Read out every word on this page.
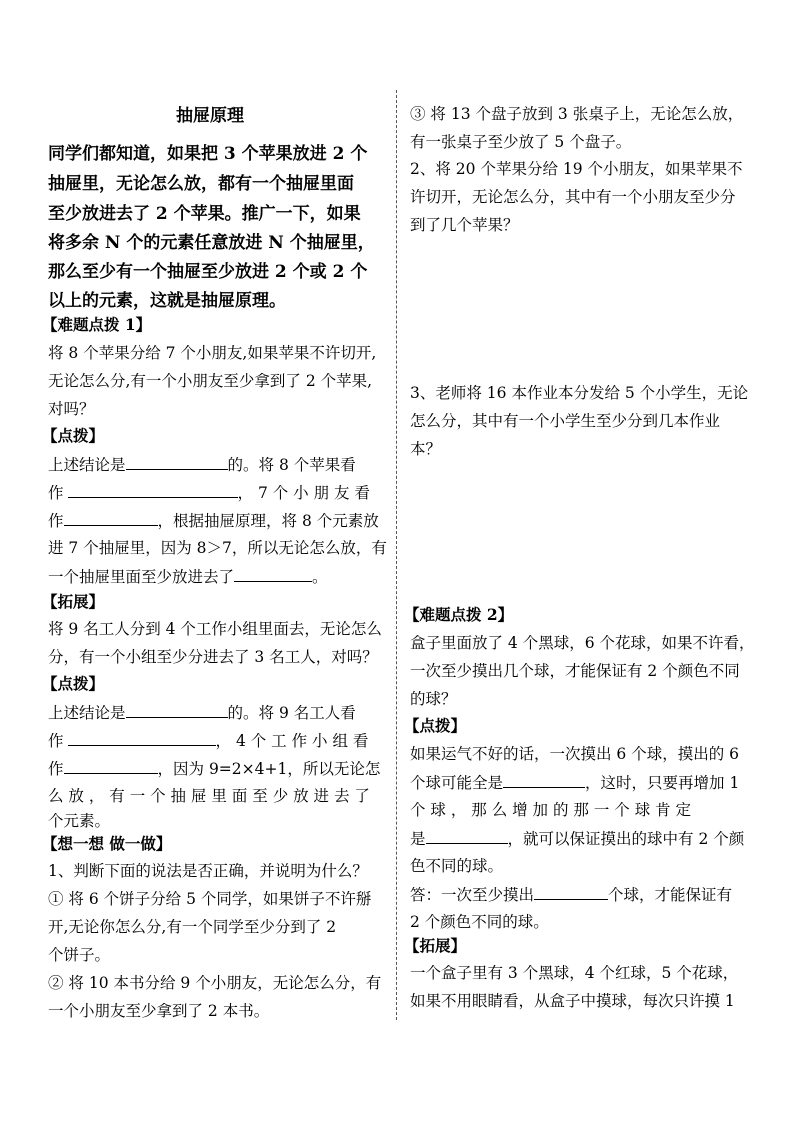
抽屉原理
同学们都知道，如果把 3 个苹果放进 2 个
抽屉里，无论怎么放，都有一个抽屉里面
至少放进去了 2 个苹果。推广一下，如果
将多余 N 个的元素任意放进 N 个抽屉里，
那么至少有一个抽屉至少放进 2 个或 2 个
以上的元素，这就是抽屉原理。
【难题点拨 1】
将 8 个苹果分给 7 个小朋友,如果苹果不许切开,
无论怎么分,有一个小朋友至少拿到了 2 个苹果,
对吗？
【点拨】
上述结论是	的。将 8 个苹果看
作	， 7 个 小 朋 友 看
作	，根据抽屉原理，将 8 个元素放
进 7 个抽屉里，因为 8＞7，所以无论怎么放，有
一个抽屉里面至少放进去了	。
【拓展】
将 9 名工人分到 4 个工作小组里面去，无论怎么
分，有一个小组至少分进去了 3 名工人，对吗？
【点拨】
上述结论是	的。将 9 名工人看
作	， 4 个 工 作 小 组 看
作	，因为 9=2×4+1，所以无论怎
么 放 ， 有 一 个 抽 屉 里 面 至 少 放 进 去 了
个元素。
【想一想 做一做】
1、判断下面的说法是否正确，并说明为什么？
① 将 6 个饼子分给 5 个同学，如果饼子不许掰
开,无论你怎么分,有一个同学至少分到了 2
个饼子。
② 将 10 本书分给 9 个小朋友，无论怎么分，有
一个小朋友至少拿到了 2 本书。
③ 将 13 个盘子放到 3 张桌子上，无论怎么放，
有一张桌子至少放了 5 个盘子。
2、将 20 个苹果分给 19 个小朋友，如果苹果不
许切开，无论怎么分，其中有一个小朋友至少分
到了几个苹果？
3、老师将 16 本作业本分发给 5 个小学生，无论
怎么分，其中有一个小学生至少分到几本作业
本？
【难题点拨 2】
盒子里面放了 4 个黑球，6 个花球，如果不许看，
一次至少摸出几个球，才能保证有 2 个颜色不同
的球？
【点拨】
如果运气不好的话，一次摸出 6 个球，摸出的 6
个球可能全是	，这时，只要再增加 1
个 球 ， 那 么 增 加 的 那 一 个 球 肯 定
是	，就可以保证摸出的球中有 2 个颜
色不同的球。
答：一次至少摸出	个球，才能保证有
2 个颜色不同的球。
【拓展】
一个盒子里有 3 个黑球，4 个红球，5 个花球，
如果不用眼睛看，从盒子中摸球，每次只许摸 1
